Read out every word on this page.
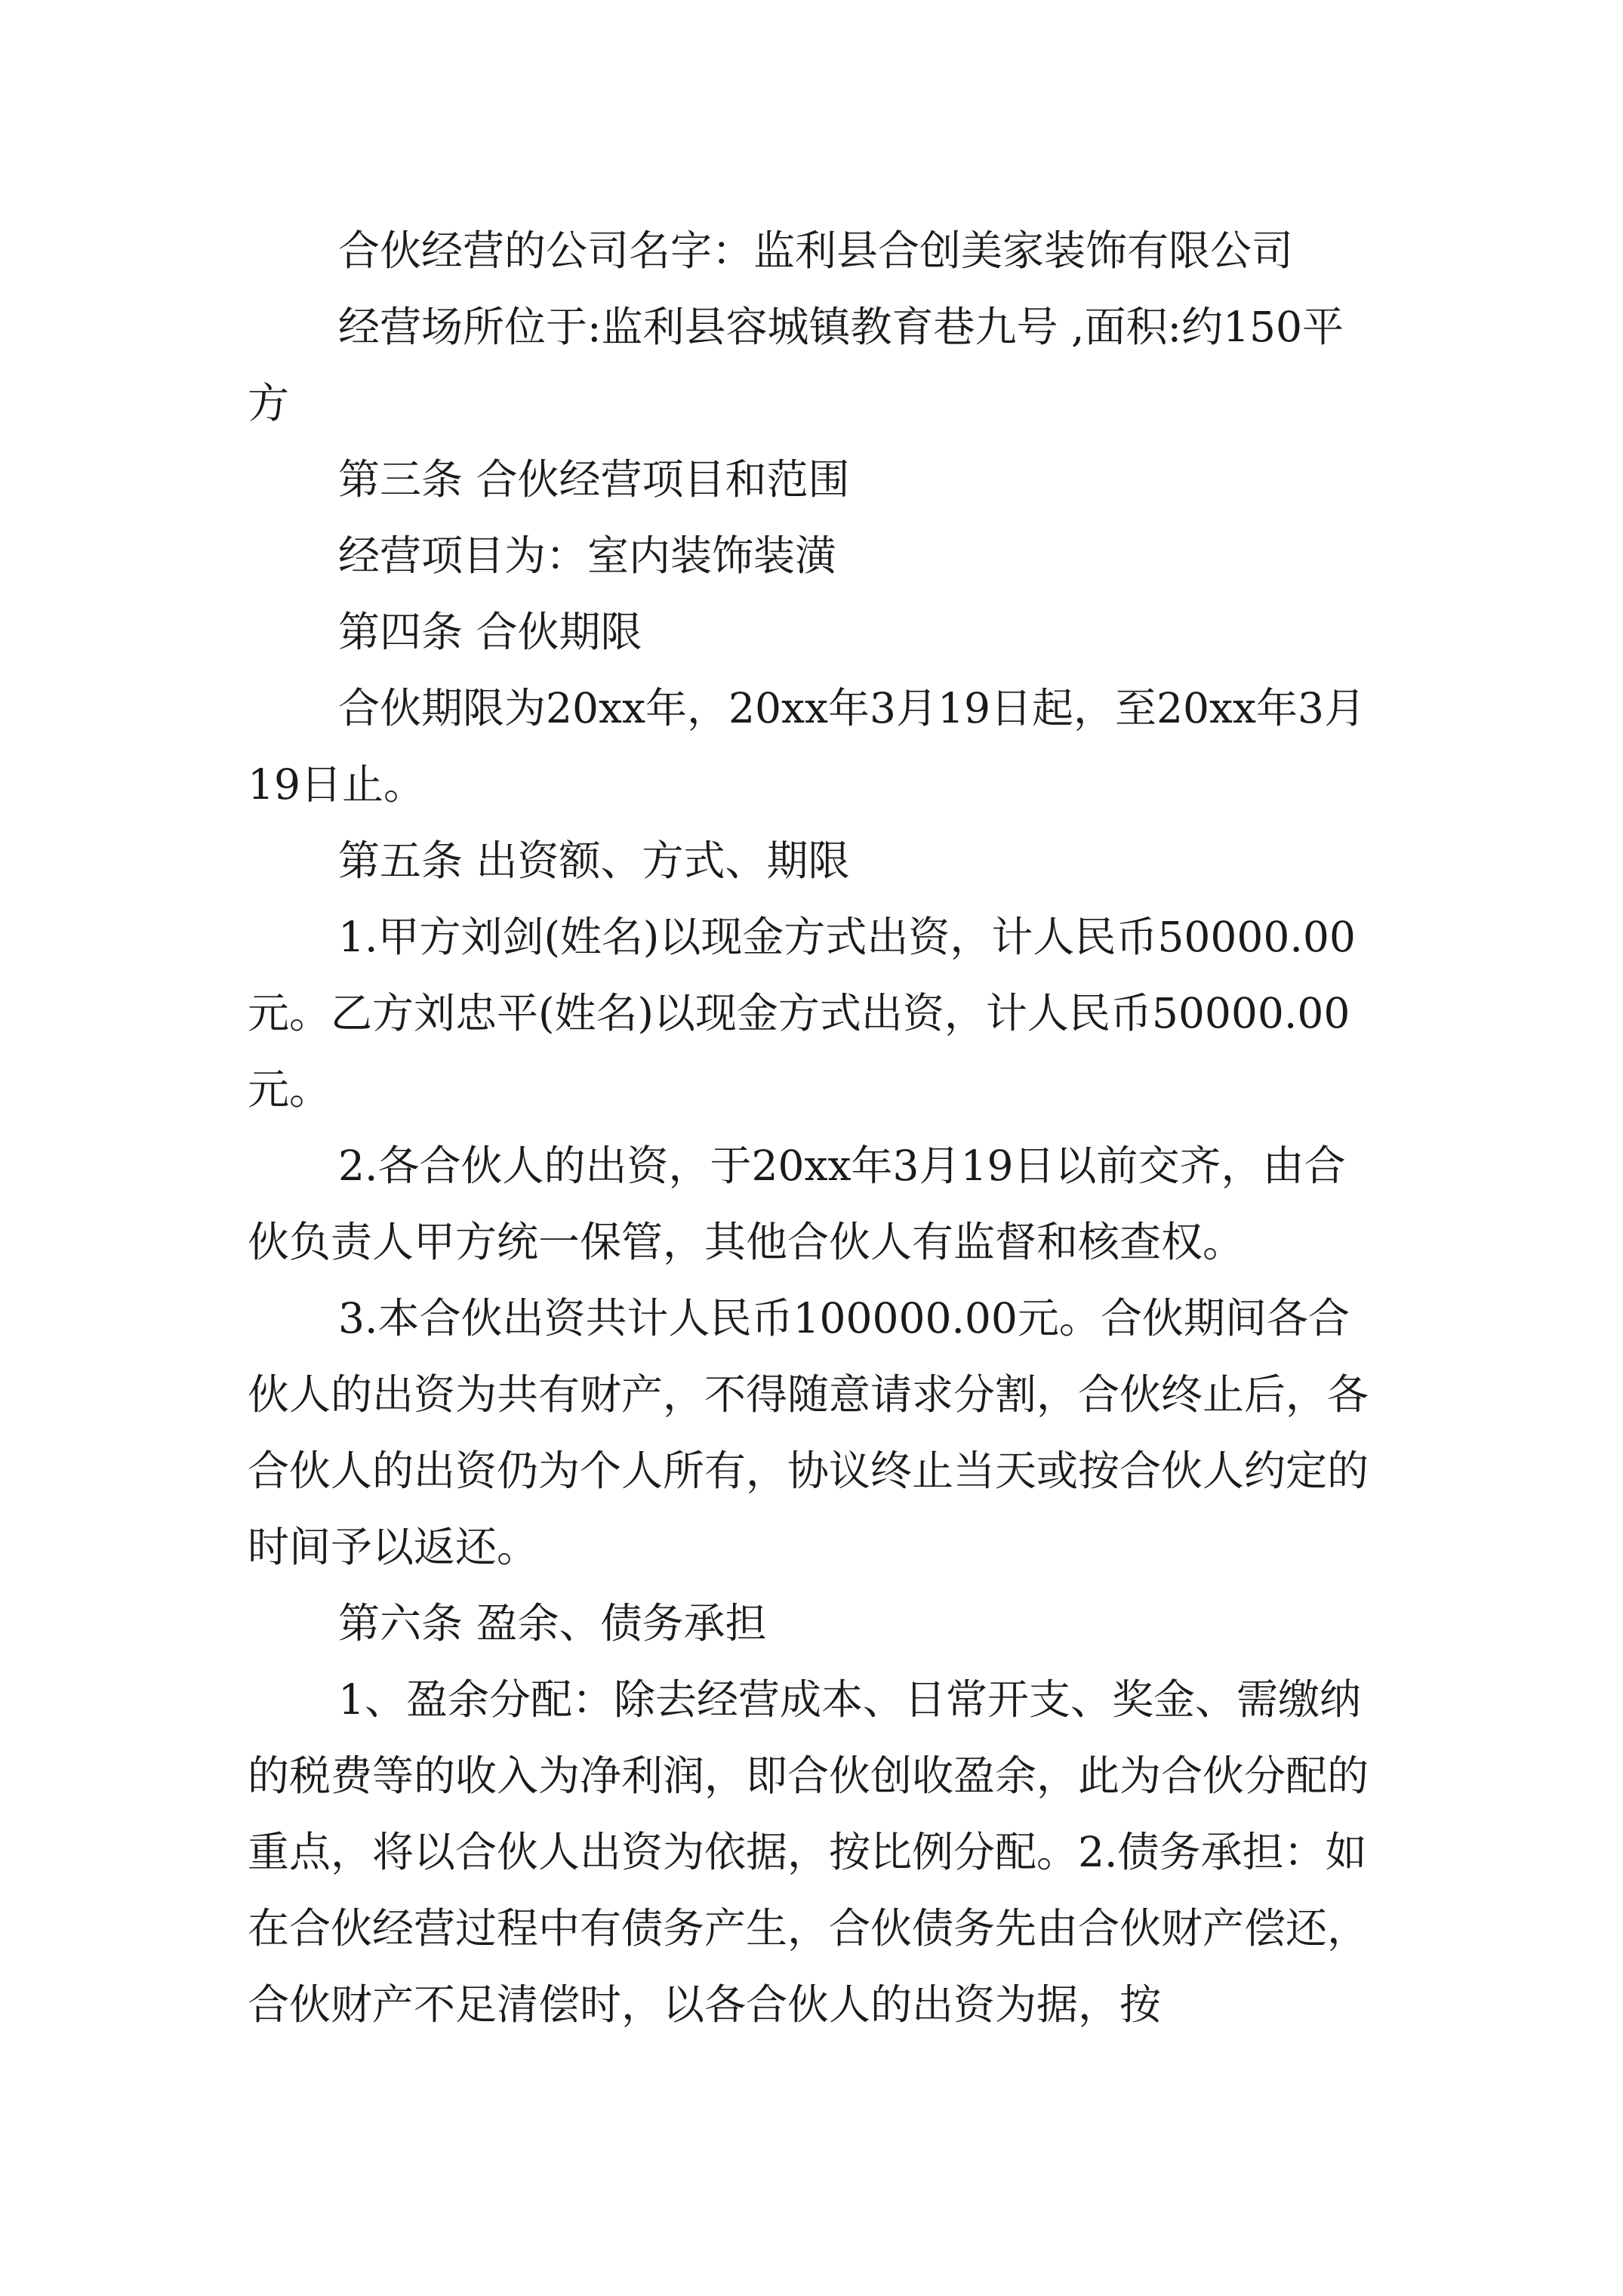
合伙经营的公司名字：监利县合创美家装饰有限公司

经营场所位于:监利县容城镇教育巷九号 ,面积:约150平方

第三条 合伙经营项目和范围

经营项目为：室内装饰装潢

第四条 合伙期限

合伙期限为20xx年，20xx年3月19日起，至20xx年3月19日止。

第五条 出资额、方式、期限

1.甲方刘剑(姓名)以现金方式出资，计人民币50000.00元。乙方刘忠平(姓名)以现金方式出资，计人民币50000.00元。

2.各合伙人的出资，于20xx年3月19日以前交齐，由合伙负责人甲方统一保管，其他合伙人有监督和核查权。

3.本合伙出资共计人民币100000.00元。合伙期间各合伙人的出资为共有财产，不得随意请求分割，合伙终止后，各合伙人的出资仍为个人所有，协议终止当天或按合伙人约定的时间予以返还。

第六条 盈余、债务承担

1、盈余分配：除去经营成本、日常开支、奖金、需缴纳的税费等的收入为净利润，即合伙创收盈余，此为合伙分配的重点，将以合伙人出资为依据，按比例分配。2.债务承担：如在合伙经营过程中有债务产生，合伙债务先由合伙财产偿还，合伙财产不足清偿时，以各合伙人的出资为据，按
